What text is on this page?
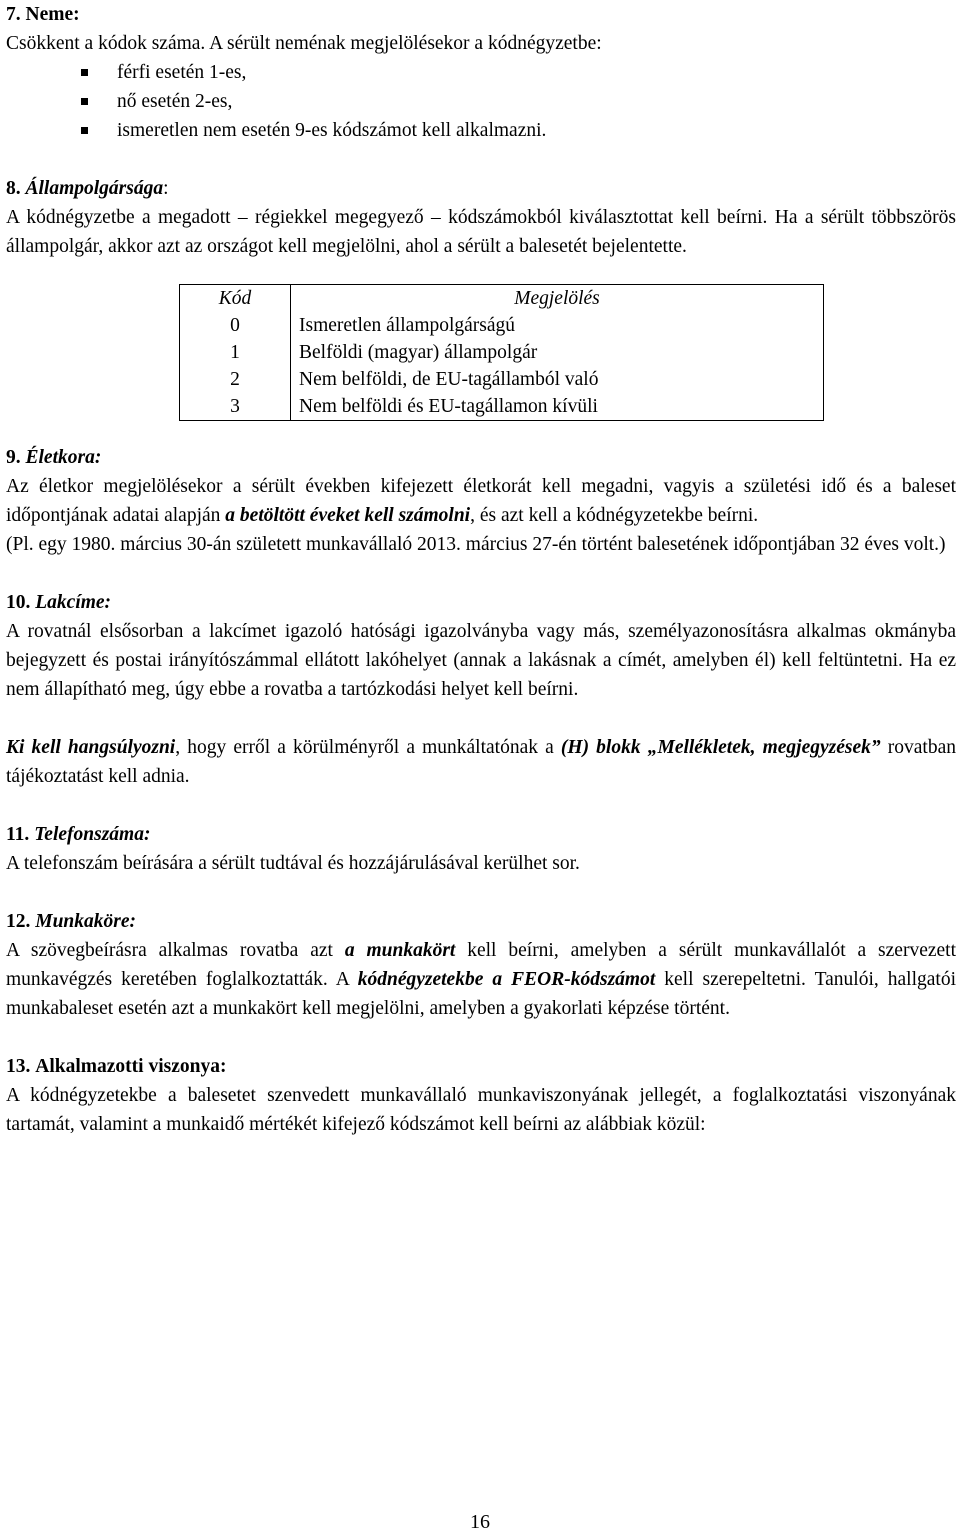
7. Neme:

Csökkent a kódok száma. A sérült neménak megjelölésekor a kódnégyzetbe:

férfi esetén 1-es,
nő esetén 2-es,
ismeretlen nem esetén 9-es kódszámot kell alkalmazni.

8. Állampolgársága:

A kódnégyzetbe a megadott – régiekkel megegyező – kódszámokból kiválasztottat kell beírni. Ha a sérült többszörös állampolgár, akkor azt az országot kell megjelölni, ahol a sérült a balesetét bejelentette.

Kód	Megjelölés
0	Ismeretlen állampolgárságú
1	Belföldi (magyar) állampolgár
2	Nem belföldi, de EU-tagállamból való
3	Nem belföldi és EU-tagállamon kívüli

9. Életkora:

Az életkor megjelölésekor a sérült években kifejezett életkorát kell megadni, vagyis a születési idő és a baleset időpontjának adatai alapján a betöltött éveket kell számolni, és azt kell a kódnégyzetekbe beírni.

(Pl. egy 1980. március 30-án született munkavállaló 2013. március 27-én történt balesetének időpontjában 32 éves volt.)

10. Lakcíme:

A rovatnál elsősorban a lakcímet igazoló hatósági igazolványba vagy más, személyazonosításra alkalmas okmányba bejegyzett és postai irányítószámmal ellátott lakóhelyet (annak a lakásnak a címét, amelyben él) kell feltüntetni. Ha ez nem állapítható meg, úgy ebbe a rovatba a tartózkodási helyet kell beírni.

Ki kell hangsúlyozni, hogy erről a körülményről a munkáltatónak a (H) blokk „Mellékletek, megjegyzések” rovatban tájékoztatást kell adnia.

11. Telefonszáma:

A telefonszám beírására a sérült tudtával és hozzájárulásával kerülhet sor.

12. Munkaköre:

A szövegbeírásra alkalmas rovatba azt a munkakört kell beírni, amelyben a sérült munkavállalót a szervezett munkavégzés keretében foglalkoztatták. A kódnégyzetekbe a FEOR-kódszámot kell szerepeltetni. Tanulói, hallgatói munkabaleset esetén azt a munkakört kell megjelölni, amelyben a gyakorlati képzése történt.

13. Alkalmazotti viszonya:

A kódnégyzetekbe a balesetet szenvedett munkavállaló munkaviszonyának jellegét, a foglalkoztatási viszonyának tartamát, valamint a munkaidő mértékét kifejező kódszámot kell beírni az alábbiak közül:

16
